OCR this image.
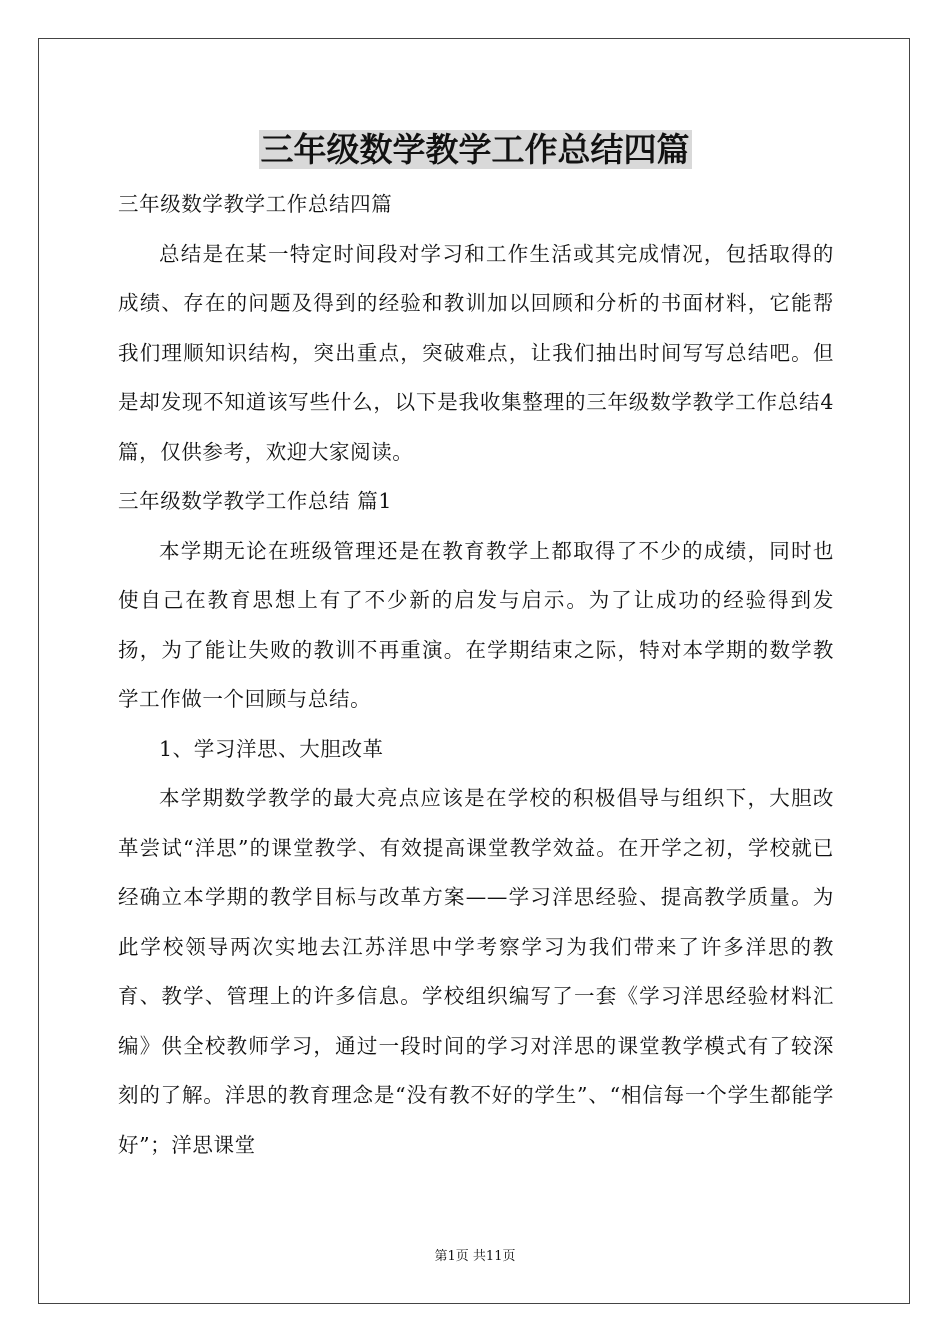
三年级数学教学工作总结四篇

三年级数学教学工作总结四篇

总结是在某一特定时间段对学习和工作生活或其完成情况，包括取得的成绩、存在的问题及得到的经验和教训加以回顾和分析的书面材料，它能帮我们理顺知识结构，突出重点，突破难点，让我们抽出时间写写总结吧。但是却发现不知道该写些什么，以下是我收集整理的三年级数学教学工作总结4篇，仅供参考，欢迎大家阅读。

三年级数学教学工作总结 篇1

本学期无论在班级管理还是在教育教学上都取得了不少的成绩，同时也使自己在教育思想上有了不少新的启发与启示。为了让成功的经验得到发扬，为了能让失败的教训不再重演。在学期结束之际，特对本学期的数学教学工作做一个回顾与总结。

1、学习洋思、大胆改革

本学期数学教学的最大亮点应该是在学校的积极倡导与组织下，大胆改革尝试“洋思”的课堂教学、有效提高课堂教学效益。在开学之初，学校就已经确立本学期的教学目标与改革方案——学习洋思经验、提高教学质量。为此学校领导两次实地去江苏洋思中学考察学习为我们带来了许多洋思的教育、教学、管理上的许多信息。学校组织编写了一套《学习洋思经验材料汇编》供全校教师学习，通过一段时间的学习对洋思的课堂教学模式有了较深刻的了解。洋思的教育理念是“没有教不好的学生”、“相信每一个学生都能学好”；洋思课堂

第1页 共11页
